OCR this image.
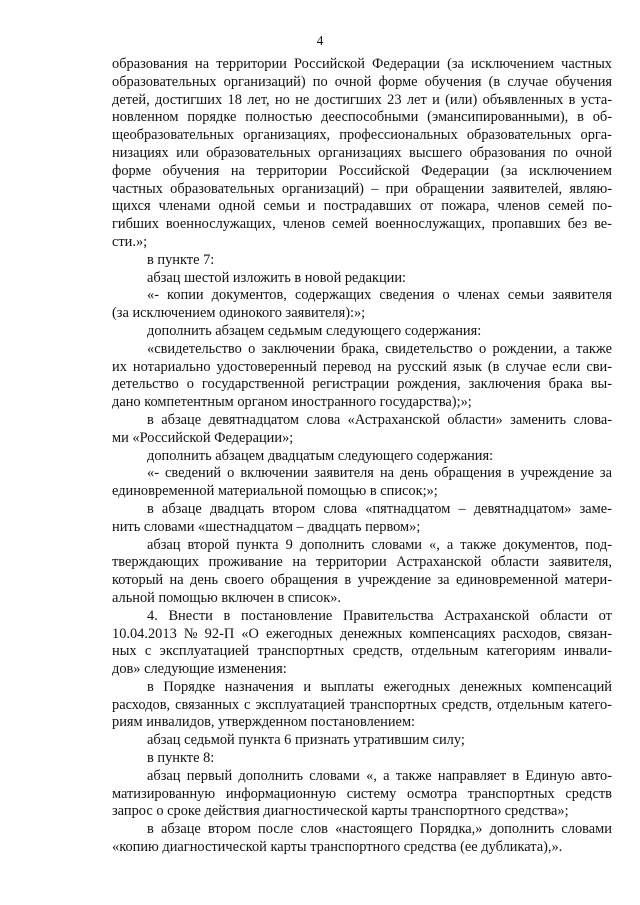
4
образования на территории Российской Федерации (за исключением частных
образовательных организаций) по очной форме обучения (в случае обучения
детей, достигших 18 лет, но не достигших 23 лет и (или) объявленных в уста-
новленном порядке полностью дееспособными (эмансипированными), в об-
щеобразовательных организациях, профессиональных образовательных орга-
низациях или образовательных организациях высшего образования по очной
форме обучения на территории Российской Федерации (за исключением
частных образовательных организаций) – при обращении заявителей, являю-
щихся членами одной семьи и пострадавших от пожара, членов семей по-
гибших военнослужащих, членов семей военнослужащих, пропавших без ве-
сти.»;
в пункте 7:
абзац шестой изложить в новой редакции:
«- копии документов, содержащих сведения о членах семьи заявителя
(за исключением одинокого заявителя):»;
дополнить абзацем седьмым следующего содержания:
«свидетельство о заключении брака, свидетельство о рождении, а также
их нотариально удостоверенный перевод на русский язык (в случае если сви-
детельство о государственной регистрации рождения, заключения брака вы-
дано компетентным органом иностранного государства);»;
в абзаце девятнадцатом слова «Астраханской области» заменить слова-
ми «Российской Федерации»;
дополнить абзацем двадцатым следующего содержания:
«- сведений о включении заявителя на день обращения в учреждение за
единовременной материальной помощью в список;»;
в абзаце двадцать втором слова «пятнадцатом – девятнадцатом» заме-
нить словами «шестнадцатом – двадцать первом»;
абзац второй пункта 9 дополнить словами «, а также документов, под-
тверждающих проживание на территории Астраханской области заявителя,
который на день своего обращения в учреждение за единовременной матери-
альной помощью включен в список».
4. Внести в постановление Правительства Астраханской области от
10.04.2013 № 92-П «О ежегодных денежных компенсациях расходов, связан-
ных с эксплуатацией транспортных средств, отдельным категориям инвали-
дов» следующие изменения:
в Порядке назначения и выплаты ежегодных денежных компенсаций
расходов, связанных с эксплуатацией транспортных средств, отдельным катего-
риям инвалидов, утвержденном постановлением:
абзац седьмой пункта 6 признать утратившим силу;
в пункте 8:
абзац первый дополнить словами «, а также направляет в Единую авто-
матизированную информационную систему осмотра транспортных средств
запрос о сроке действия диагностической карты транспортного средства»;
в абзаце втором после слов «настоящего Порядка,» дополнить словами
«копию диагностической карты транспортного средства (ее дубликата),».
